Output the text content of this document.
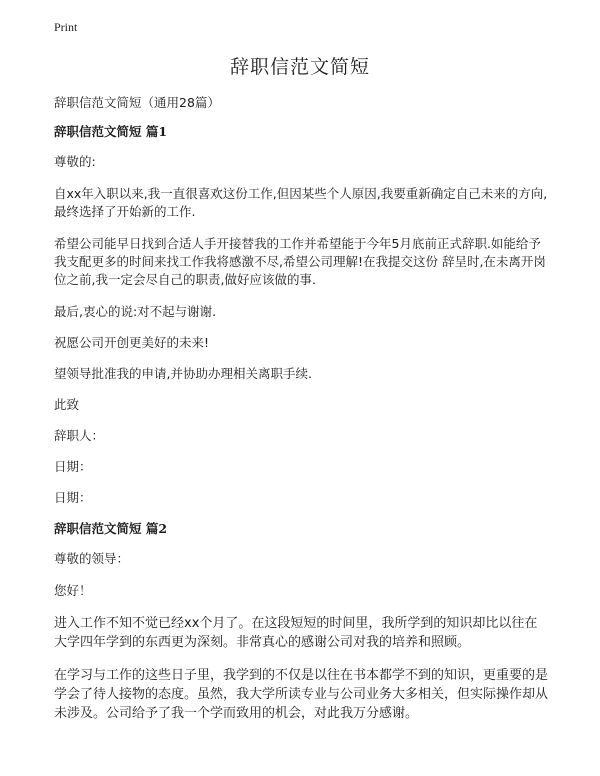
Print
辞职信范文简短

辞职信范文简短（通用28篇）

辞职信范文简短 篇1

尊敬的:

自xx年入职以来,我一直很喜欢这份工作,但因某些个人原因,我要重新确定自己未来的方向,最终选择了开始新的工作.

希望公司能早日找到合适人手开接替我的工作并希望能于今年5月底前正式辞职.如能给予我支配更多的时间来找工作我将感激不尽,希望公司理解!在我提交这份 辞呈时,在未离开岗位之前,我一定会尽自己的职责,做好应该做的事.

最后,衷心的说:对不起与谢谢.

祝愿公司开创更美好的未来!

望领导批准我的申请,并协助办理相关离职手续.

此致

辞职人：

日期：

日期：

辞职信范文简短 篇2

尊敬的领导：

您好！

进入工作不知不觉已经xx个月了。在这段短短的时间里，我所学到的知识却比以往在大学四年学到的东西更为深刻。非常真心的感谢公司对我的培养和照顾。

在学习与工作的这些日子里，我学到的不仅是以往在书本都学不到的知识，更重要的是学会了待人接物的态度。虽然，我大学所读专业与公司业务大多相关，但实际操作却从未涉及。公司给予了我一个学而致用的机会，对此我万分感谢。
